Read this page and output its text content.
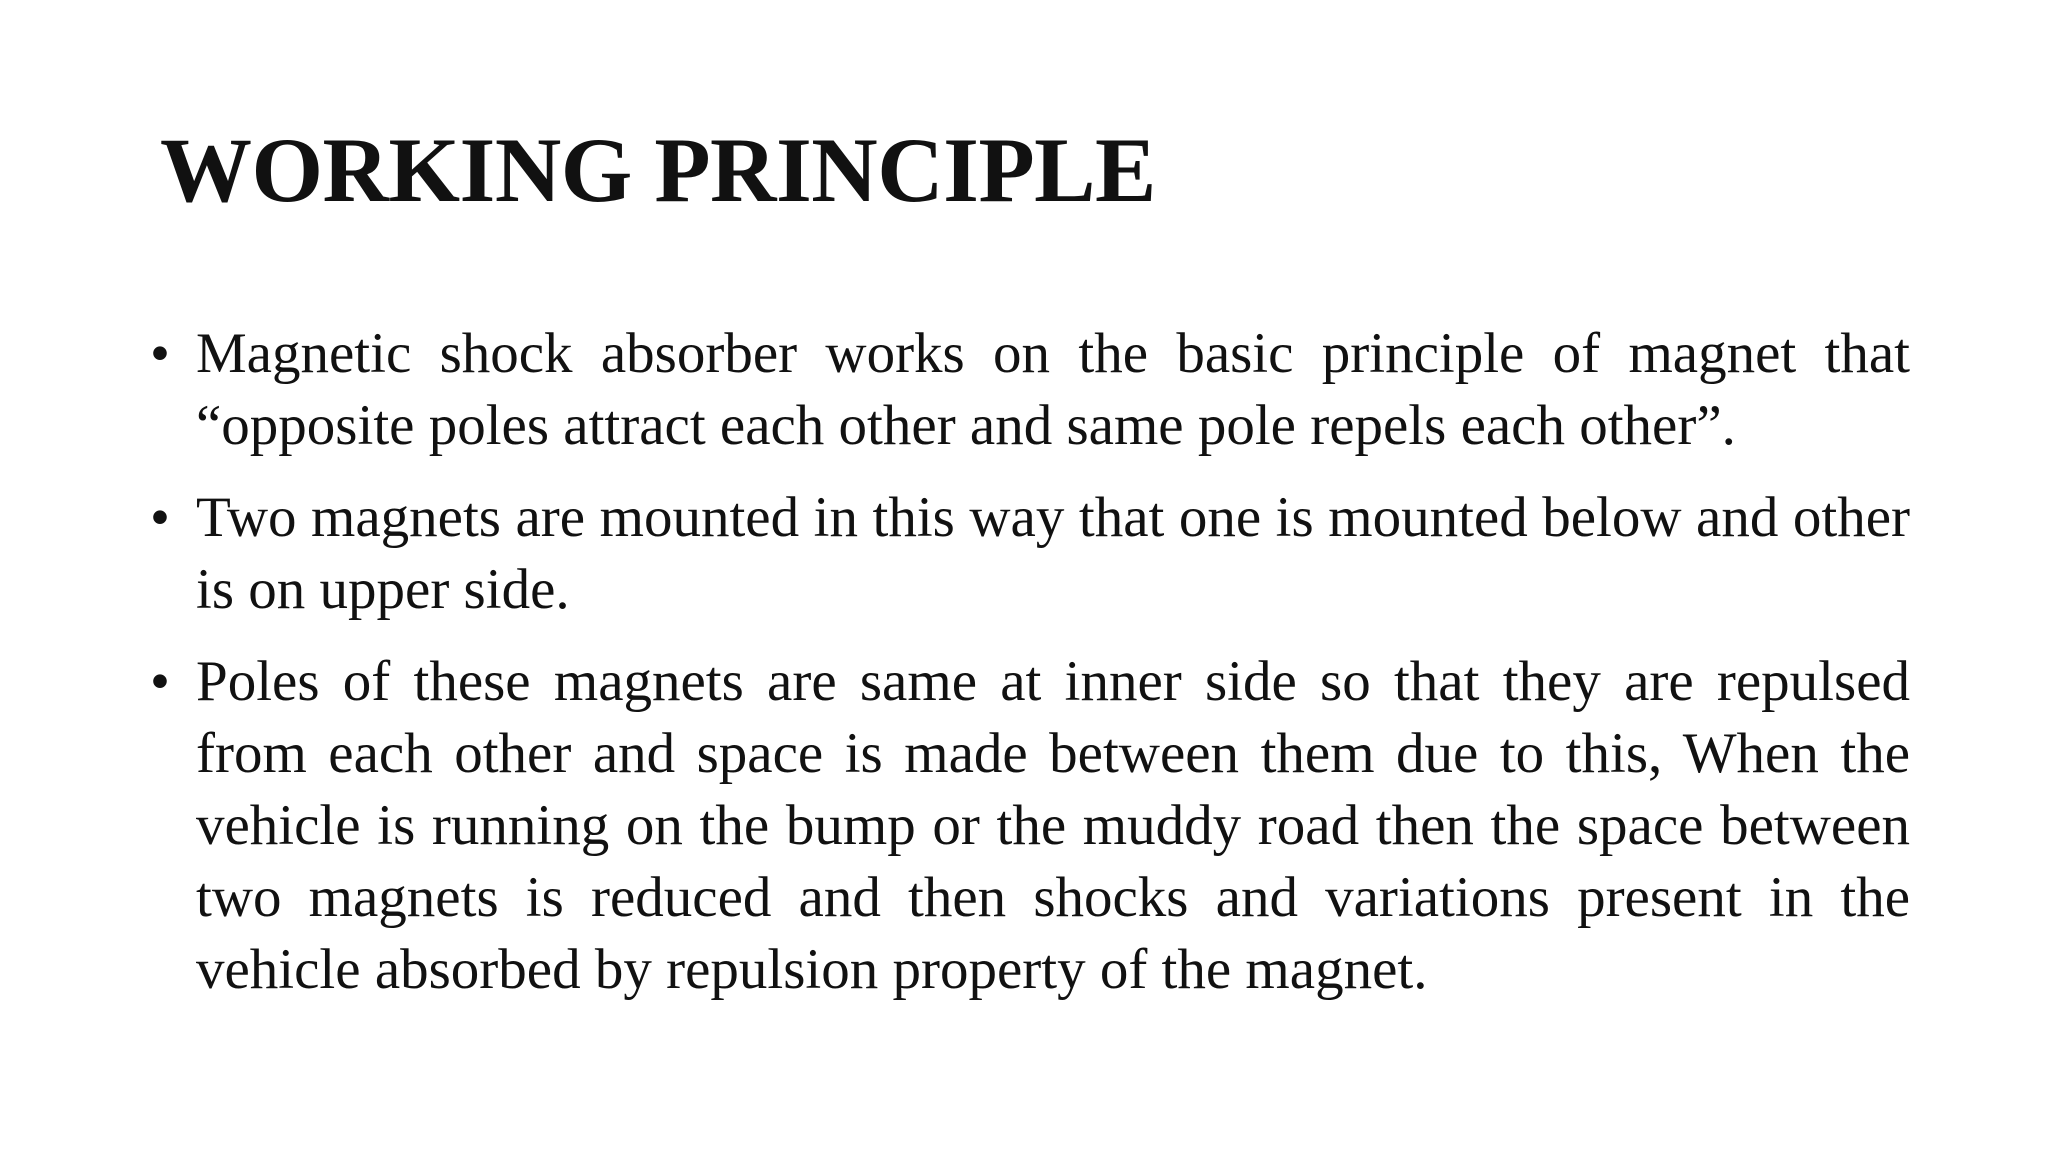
WORKING PRINCIPLE
• Magnetic shock absorber works on the basic principle of magnet that “opposite poles attract each other and same pole repels each other”.
• Two magnets are mounted in this way that one is mounted below and other is on upper side.
• Poles of these magnets are same at inner side so that they are repulsed from each other and space is made between them due to this, When the vehicle is running on the bump or the muddy road then the space between two magnets is reduced and then shocks and variations present in the vehicle absorbed by repulsion property of the magnet.
